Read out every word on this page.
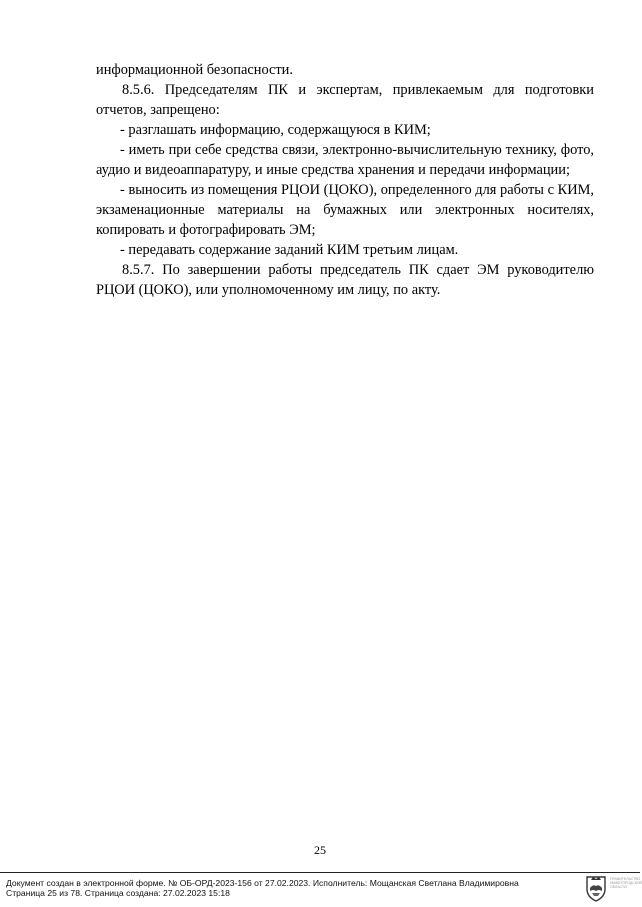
информационной безопасности.

8.5.6. Председателям ПК и экспертам, привлекаемым для подготовки отчетов, запрещено:

- разглашать информацию, содержащуюся в КИМ;

- иметь при себе средства связи, электронно-вычислительную технику, фото, аудио и видеоаппаратуру, и иные средства хранения и передачи информации;

- выносить из помещения РЦОИ (ЦОКО), определенного для работы с КИМ, экзаменационные материалы на бумажных или электронных носителях, копировать и фотографировать ЭМ;

- передавать содержание заданий КИМ третьим лицам.

8.5.7. По завершении работы председатель ПК сдает ЭМ руководителю РЦОИ (ЦОКО), или уполномоченному им лицу, по акту.

25
Документ создан в электронной форме. № ОБ-ОРД-2023-156 от 27.02.2023. Исполнитель: Мощанская Светлана Владимировна
Страница 25 из 78. Страница создана: 27.02.2023 15:18
ПРАВИТЕЛЬСТВО НИЖЕГОРОДСКОЙ ОБЛАСТИ
